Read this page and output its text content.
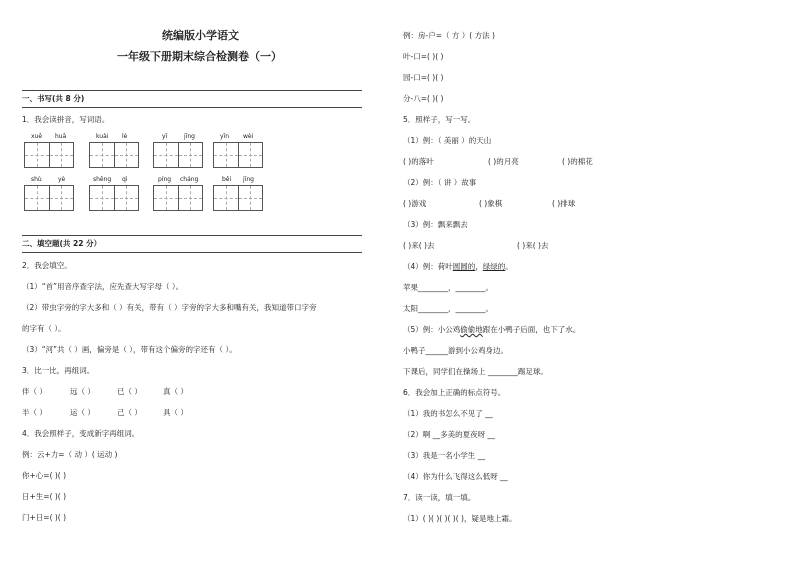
统编版小学语文
一年级下册期末综合检测卷（一）
一、书写(共 8 分)
1．我会读拼音，写词语。
xuě huā	kuài lè	yī	jīng	yīn wèi
shù	yè	shēng qì	píng cháng	běi jīng
二、填空题(共 22 分）
2．我会填空。
（1）“首”用音序查字法，应先查大写字母（ ）。
（2）带虫字旁的字大多和（ ）有关，带有（ ）字旁的字大多和嘴有关，我知道带口字旁
的字有（ ）。
（3）“河”共（ ）画，偏旁是（ ），带有这个偏旁的字还有（ ）。
3．比一比，再组词。
伴（ ）	远（ ）	已（ ）	真（ ）
半（ ）	运（ ）	己（ ）	具（ ）
4．我会照样子，变成新字再组词。
例：云+力=（ 动 ）( 运动 )
你+心=( )( )
日+生=( )( )
门+日=( )( )
例：房-户=（ 方 ）( 方法 )
叶-口=( )( )
园-口=( )( )
分-八=( )( )
5．照样子，写一写。
（1）例：（ 美丽 ）的天山
( )的落叶	( )的月亮	( )的棉花
（2）例：（ 讲 ）故事
( )游戏	( )象棋	( )排球
（3）例：飘来飘去
( )来( )去	( )来( )去
（4）例：荷叶圆圆的，绿绿的。
苹果________，________。
太阳________，________。
（5）例：小公鸡偷偷地跟在小鸭子后面，也下了水。
小鸭子______游到小公鸡身边。
下课后，同学们在操场上 ________踢足球。
6．我会加上正确的标点符号。
（1）我的书怎么不见了 __
（2）啊 __多美的夏夜呀 __
（3）我是一名小学生 __
（4）你为什么飞得这么低呀 __
7．读一读，填一填。
（1）( )( )( )( )( )，疑是地上霜。
